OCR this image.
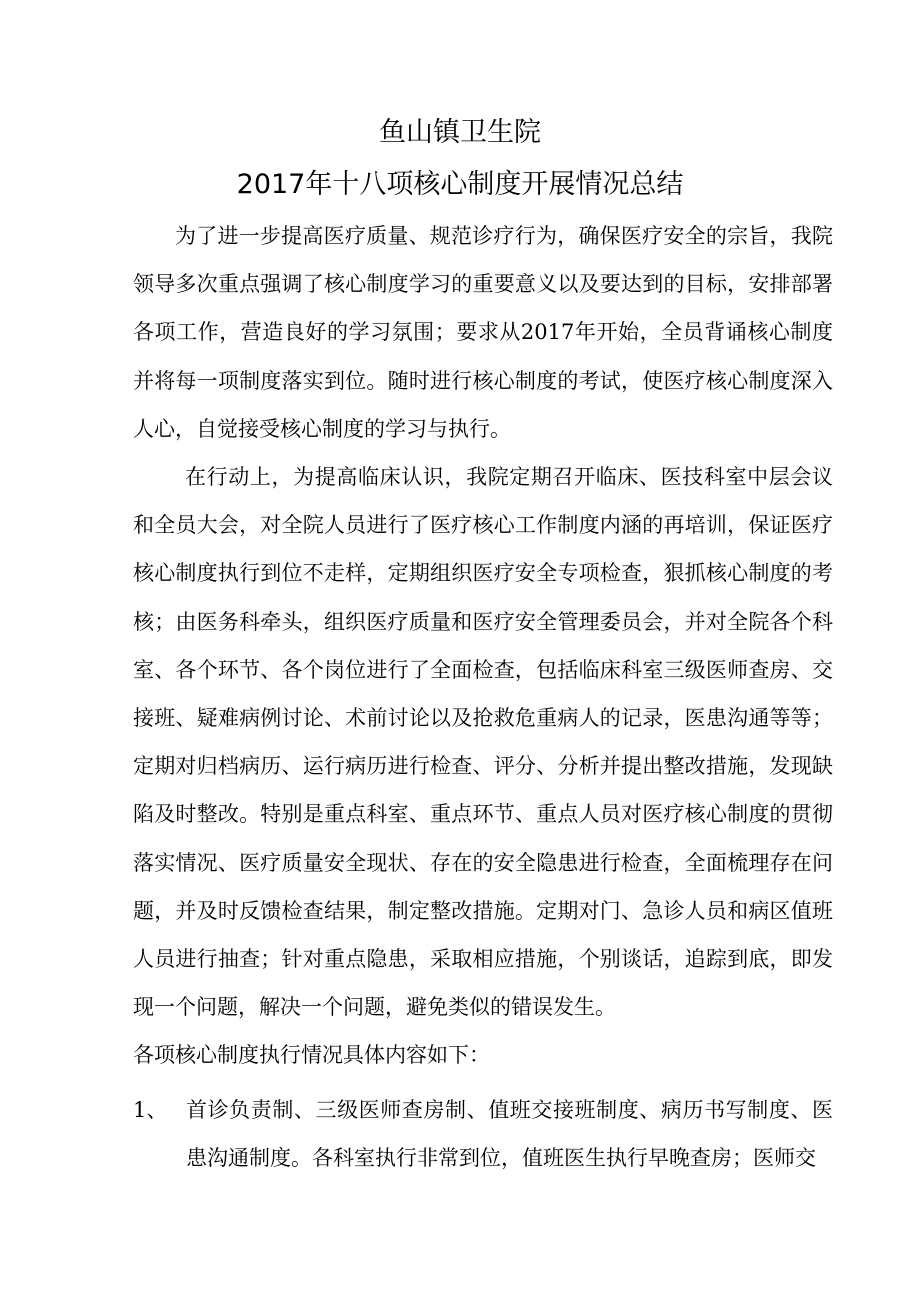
鱼山镇卫生院
2017年十八项核心制度开展情况总结

为了进一步提高医疗质量、规范诊疗行为，确保医疗安全的宗旨，我院领导多次重点强调了核心制度学习的重要意义以及要达到的目标，安排部署各项工作，营造良好的学习氛围；要求从2017年开始，全员背诵核心制度并将每一项制度落实到位。随时进行核心制度的考试，使医疗核心制度深入人心，自觉接受核心制度的学习与执行。

在行动上，为提高临床认识，我院定期召开临床、医技科室中层会议和全员大会，对全院人员进行了医疗核心工作制度内涵的再培训，保证医疗核心制度执行到位不走样，定期组织医疗安全专项检查，狠抓核心制度的考核；由医务科牵头，组织医疗质量和医疗安全管理委员会，并对全院各个科室、各个环节、各个岗位进行了全面检查，包括临床科室三级医师查房、交接班、疑难病例讨论、术前讨论以及抢救危重病人的记录，医患沟通等等；定期对归档病历、运行病历进行检查、评分、分析并提出整改措施，发现缺陷及时整改。特别是重点科室、重点环节、重点人员对医疗核心制度的贯彻落实情况、医疗质量安全现状、存在的安全隐患进行检查，全面梳理存在问题，并及时反馈检查结果，制定整改措施。定期对门、急诊人员和病区值班人员进行抽查；针对重点隐患，采取相应措施，个别谈话，追踪到底，即发现一个问题，解决一个问题，避免类似的错误发生。

各项核心制度执行情况具体内容如下：

1、 首诊负责制、三级医师查房制、值班交接班制度、病历书写制度、医患沟通制度。各科室执行非常到位，值班医生执行早晚查房；医师交
